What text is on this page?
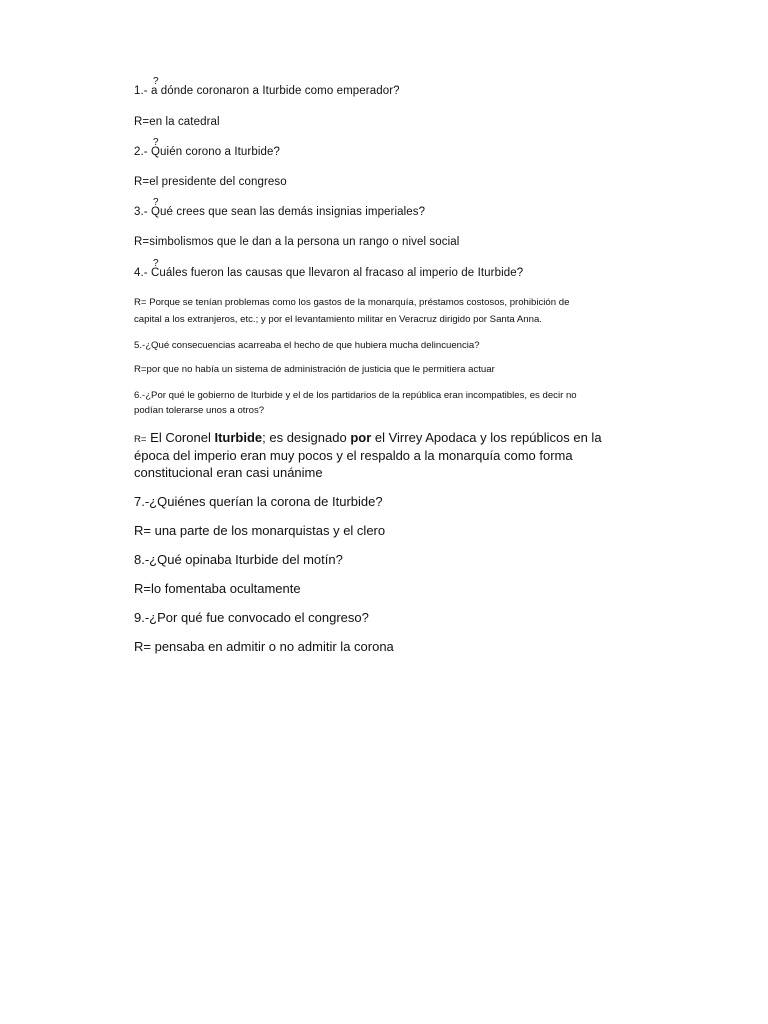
?
1.- a dónde coronaron a Iturbide como emperador?
R=en la catedral
?
2.- Quién corono a Iturbide?
R=el presidente del congreso
?
3.- Qué crees que sean las demás insignias imperiales?
R=simbolismos que le dan a la persona un rango o nivel social
?
4.- Cuáles fueron las causas que llevaron al fracaso al imperio de Iturbide?
R= Porque se tenían problemas como los gastos de la monarquía, préstamos costosos, prohibición de
capital a los extranjeros, etc.; y por el levantamiento militar en Veracruz dirigido por Santa Anna.
5.-¿Qué consecuencias acarreaba el hecho de que hubiera mucha delincuencia?
R=por que no había un sistema de administración de justicia que le permitiera actuar
6.-¿Por qué le gobierno de Iturbide y el de los partidarios de la república eran incompatibles, es decir no
podían tolerarse unos a otros?
R= El Coronel Iturbide; es designado por el Virrey Apodaca y los repúblicos en la
época del imperio eran muy pocos y el respaldo a la monarquía como forma
constitucional eran casi unánime
7.-¿Quiénes querían la corona de Iturbide?
R= una parte de los monarquistas y el clero
8.-¿Qué opinaba Iturbide del motín?
R=lo fomentaba ocultamente
9.-¿Por qué fue convocado el congreso?
R= pensaba en admitir o no admitir la corona
